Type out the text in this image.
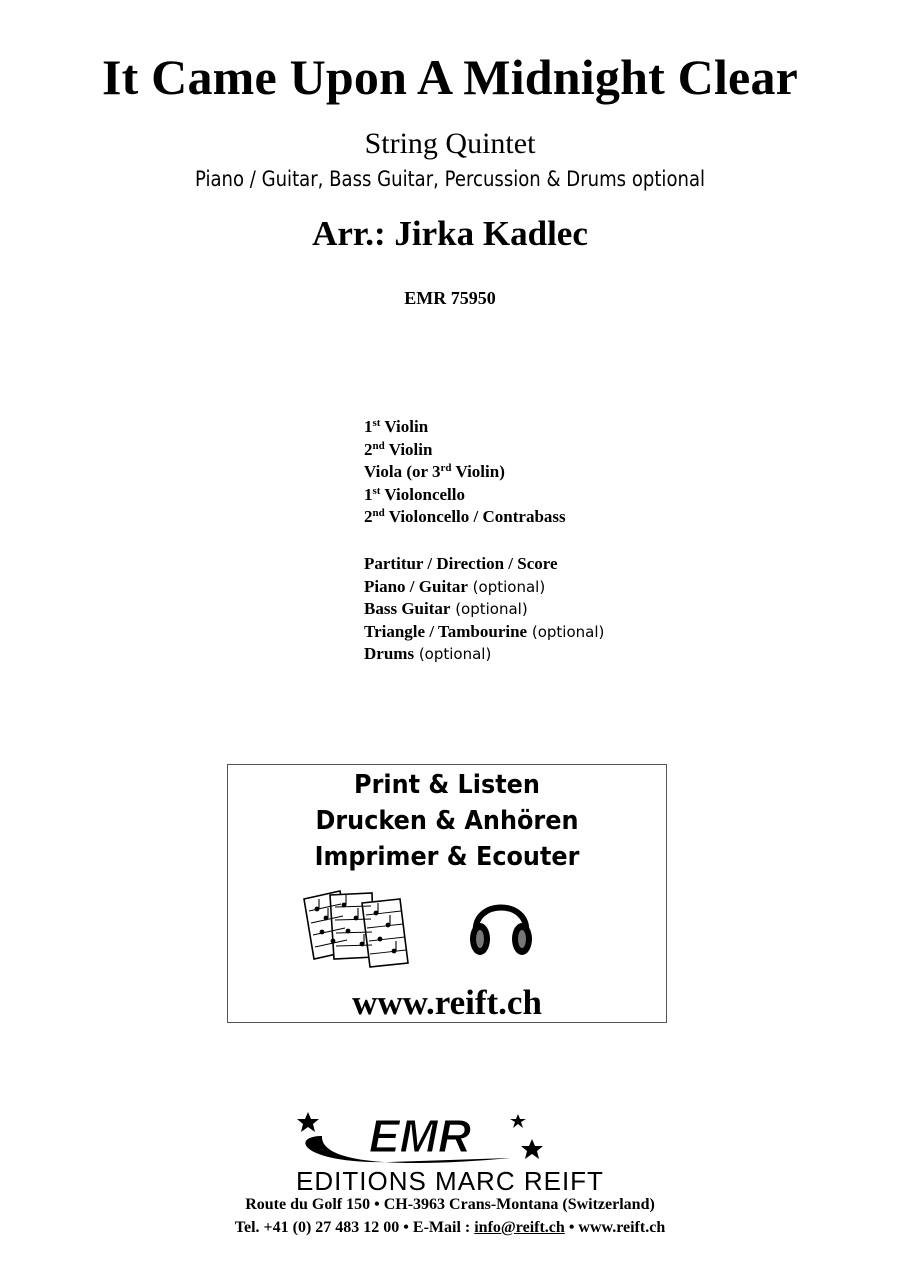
It Came Upon A Midnight Clear
String Quintet
Piano / Guitar, Bass Guitar, Percussion & Drums optional
Arr.: Jirka Kadlec
EMR 75950
1st Violin
2nd Violin
Viola (or 3rd Violin)
1st Violoncello
2nd Violoncello / Contrabass
Partitur / Direction / Score
Piano / Guitar (optional)
Bass Guitar (optional)
Triangle / Tambourine (optional)
Drums (optional)
Print & Listen
Drucken & Anhören
Imprimer & Ecouter
www.reift.ch
EMR
EDITIONS MARC REIFT
Route du Golf 150 • CH-3963 Crans-Montana (Switzerland)
Tel. +41 (0) 27 483 12 00 • E-Mail : info@reift.ch • www.reift.ch
